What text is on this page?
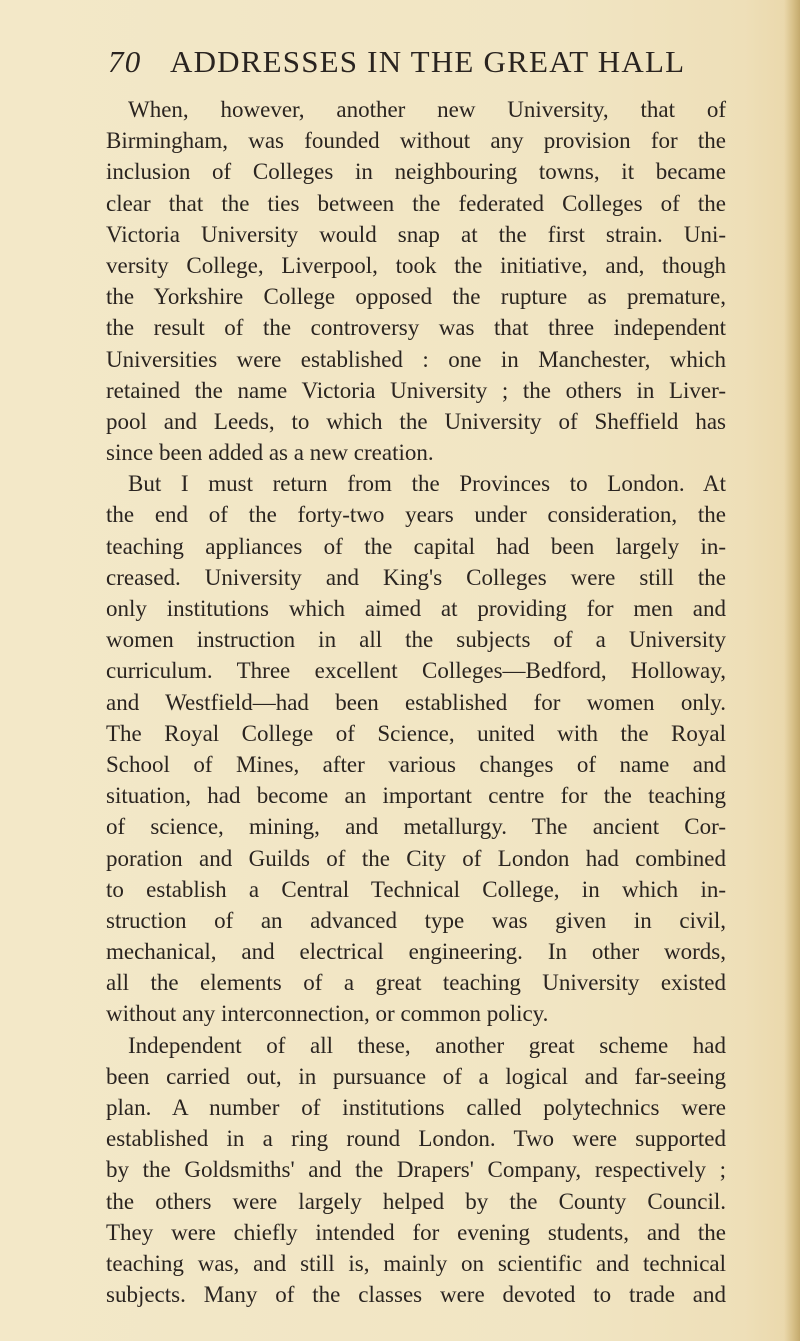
70 ADDRESSES IN THE GREAT HALL
When, however, another new University, that of
Birmingham, was founded without any provision for the
inclusion of Colleges in neighbouring towns, it became
clear that the ties between the federated Colleges of the
Victoria University would snap at the first strain. Uni-
versity College, Liverpool, took the initiative, and, though
the Yorkshire College opposed the rupture as premature,
the result of the controversy was that three independent
Universities were established : one in Manchester, which
retained the name Victoria University ; the others in Liver-
pool and Leeds, to which the University of Sheffield has
since been added as a new creation.
But I must return from the Provinces to London. At
the end of the forty-two years under consideration, the
teaching appliances of the capital had been largely in-
creased. University and King's Colleges were still the
only institutions which aimed at providing for men and
women instruction in all the subjects of a University
curriculum. Three excellent Colleges—Bedford, Holloway,
and Westfield—had been established for women only.
The Royal College of Science, united with the Royal
School of Mines, after various changes of name and
situation, had become an important centre for the teaching
of science, mining, and metallurgy. The ancient Cor-
poration and Guilds of the City of London had combined
to establish a Central Technical College, in which in-
struction of an advanced type was given in civil,
mechanical, and electrical engineering. In other words,
all the elements of a great teaching University existed
without any interconnection, or common policy.
Independent of all these, another great scheme had
been carried out, in pursuance of a logical and far-seeing
plan. A number of institutions called polytechnics were
established in a ring round London. Two were supported
by the Goldsmiths' and the Drapers' Company, respectively ;
the others were largely helped by the County Council.
They were chiefly intended for evening students, and the
teaching was, and still is, mainly on scientific and technical
subjects. Many of the classes were devoted to trade and
